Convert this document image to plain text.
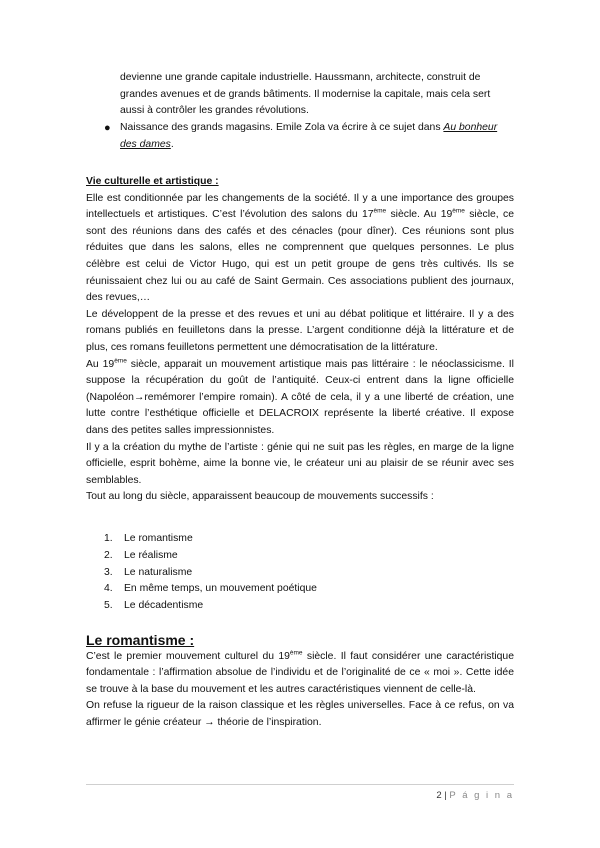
devienne une grande capitale industrielle. Haussmann, architecte, construit de grandes avenues et de grands bâtiments. Il modernise la capitale, mais cela sert aussi à contrôler les grandes révolutions.

● Naissance des grands magasins. Emile Zola va écrire à ce sujet dans Au bonheur des dames.
Vie culturelle et artistique :

Elle est conditionnée par les changements de la société. Il y a une importance des groupes intellectuels et artistiques. C’est l’évolution des salons du 17ème siècle. Au 19ème siècle, ce sont des réunions dans des cafés et des cénacles (pour dîner). Ces réunions sont plus réduites que dans les salons, elles ne comprennent que quelques personnes. Le plus célèbre est celui de Victor Hugo, qui est un petit groupe de gens très cultivés. Ils se réunissaient chez lui ou au café de Saint Germain. Ces associations publient des journaux, des revues,…

Le développent de la presse et des revues et uni au débat politique et littéraire. Il y a des romans publiés en feuilletons dans la presse. L’argent conditionne déjà la littérature et de plus, ces romans feuilletons permettent une démocratisation de la littérature.

Au 19ème siècle, apparait un mouvement artistique mais pas littéraire : le néoclassicisme. Il suppose la récupération du goût de l’antiquité. Ceux-ci entrent dans la ligne officielle (Napoléon→remémorer l’empire romain). A côté de cela, il y a une liberté de création, une lutte contre l’esthétique officielle et DELACROIX représente la liberté créative. Il expose dans des petites salles impressionnistes.

Il y a la création du mythe de l’artiste : génie qui ne suit pas les règles, en marge de la ligne officielle, esprit bohème, aime la bonne vie, le créateur uni au plaisir de se réunir avec ses semblables.

Tout au long du siècle, apparaissent beaucoup de mouvements successifs :

1. Le romantisme
2. Le réalisme
3. Le naturalisme
4. En même temps, un mouvement poétique
5. Le décadentisme
Le romantisme :

C’est le premier mouvement culturel du 19ème siècle. Il faut considérer une caractéristique fondamentale : l’affirmation absolue de l’individu et de l’originalité de ce « moi ». Cette idée se trouve à la base du mouvement et les autres caractéristiques viennent de celle-là.

On refuse la rigueur de la raison classique et les règles universelles. Face à ce refus, on va affirmer le génie créateur → théorie de l’inspiration.

2 | P á g i n a
